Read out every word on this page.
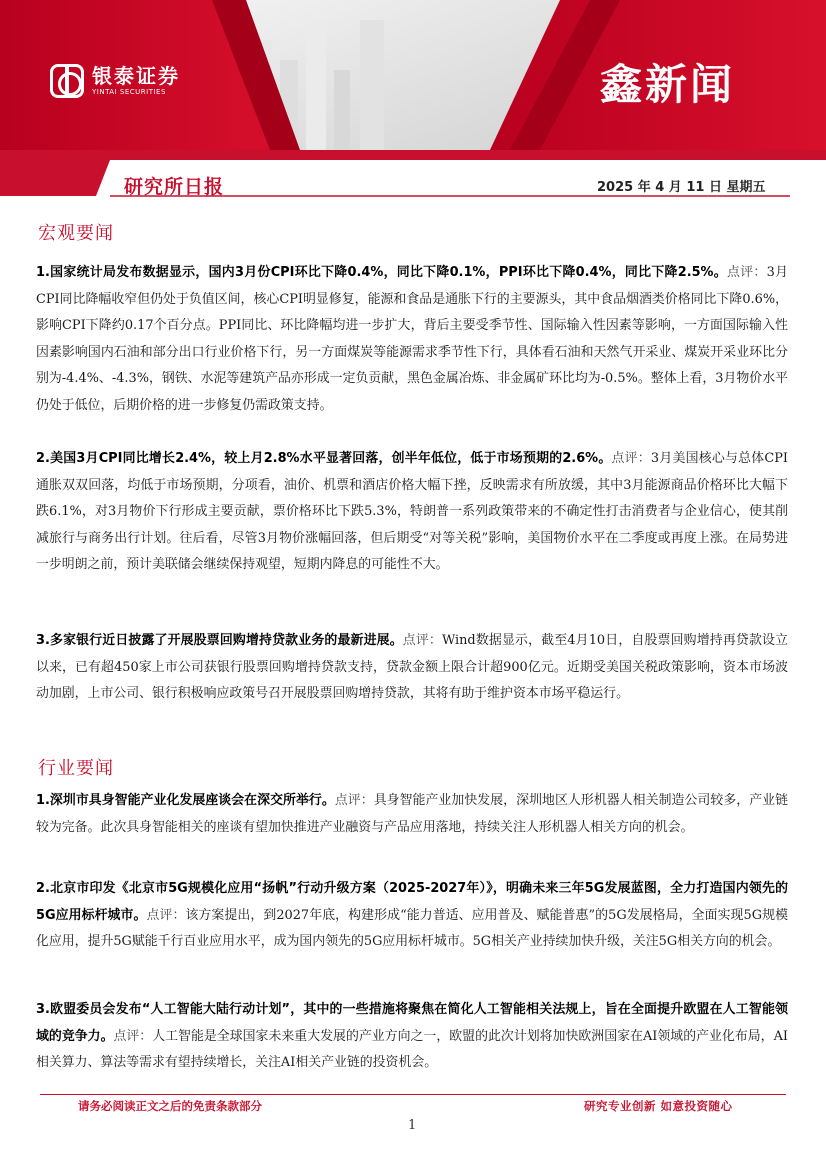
银泰证券
YINTAI SECURITIES	鑫新闻
研究所日报	2025 年 4 月 11 日 星期五
宏观要闻
1.国家统计局发布数据显示，国内3月份CPI环比下降0.4%，同比下降0.1%，PPI环比下降0.4%，同比下降2.5%。点评：3月CPI同比降幅收窄但仍处于负值区间，核心CPI明显修复，能源和食品是通胀下行的主要源头，其中食品烟酒类价格同比下降0.6%，影响CPI下降约0.17个百分点。PPI同比、环比降幅均进一步扩大，背后主要受季节性、国际输入性因素等影响，一方面国际输入性因素影响国内石油和部分出口行业价格下行，另一方面煤炭等能源需求季节性下行，具体看石油和天然气开采业、煤炭开采业环比分别为-4.4%、-4.3%，钢铁、水泥等建筑产品亦形成一定负贡献，黑色金属冶炼、非金属矿环比均为-0.5%。整体上看，3月物价水平仍处于低位，后期价格的进一步修复仍需政策支持。
2.美国3月CPI同比增长2.4%，较上月2.8%水平显著回落，创半年低位，低于市场预期的2.6%。点评：3月美国核心与总体CPI通胀双双回落，均低于市场预期，分项看，油价、机票和酒店价格大幅下挫，反映需求有所放缓，其中3月能源商品价格环比大幅下跌6.1%，对3月物价下行形成主要贡献，票价格环比下跌5.3%，特朗普一系列政策带来的不确定性打击消费者与企业信心，使其削减旅行与商务出行计划。往后看，尽管3月物价涨幅回落，但后期受“对等关税”影响，美国物价水平在二季度或再度上涨。在局势进一步明朗之前，预计美联储会继续保持观望，短期内降息的可能性不大。
3.多家银行近日披露了开展股票回购增持贷款业务的最新进展。点评：Wind数据显示，截至4月10日，自股票回购增持再贷款设立以来，已有超450家上市公司获银行股票回购增持贷款支持，贷款金额上限合计超900亿元。近期受美国关税政策影响，资本市场波动加剧，上市公司、银行积极响应政策号召开展股票回购增持贷款，其将有助于维护资本市场平稳运行。
行业要闻
1.深圳市具身智能产业化发展座谈会在深交所举行。点评：具身智能产业加快发展，深圳地区人形机器人相关制造公司较多，产业链较为完备。此次具身智能相关的座谈有望加快推进产业融资与产品应用落地，持续关注人形机器人相关方向的机会。
2.北京市印发《北京市5G规模化应用“扬帆”行动升级方案（2025-2027年）》，明确未来三年5G发展蓝图，全力打造国内领先的5G应用标杆城市。点评：该方案提出，到2027年底，构建形成“能力普适、应用普及、赋能普惠”的5G发展格局，全面实现5G规模化应用，提升5G赋能千行百业应用水平，成为国内领先的5G应用标杆城市。5G相关产业持续加快升级，关注5G相关方向的机会。
3.欧盟委员会发布“人工智能大陆行动计划”，其中的一些措施将聚焦在简化人工智能相关法规上，旨在全面提升欧盟在人工智能领域的竞争力。点评：人工智能是全球国家未来重大发展的产业方向之一，欧盟的此次计划将加快欧洲国家在AI领域的产业化布局，AI相关算力、算法等需求有望持续增长，关注AI相关产业链的投资机会。
请务必阅读正文之后的免责条款部分	研究专业创新 如意投资随心
1
